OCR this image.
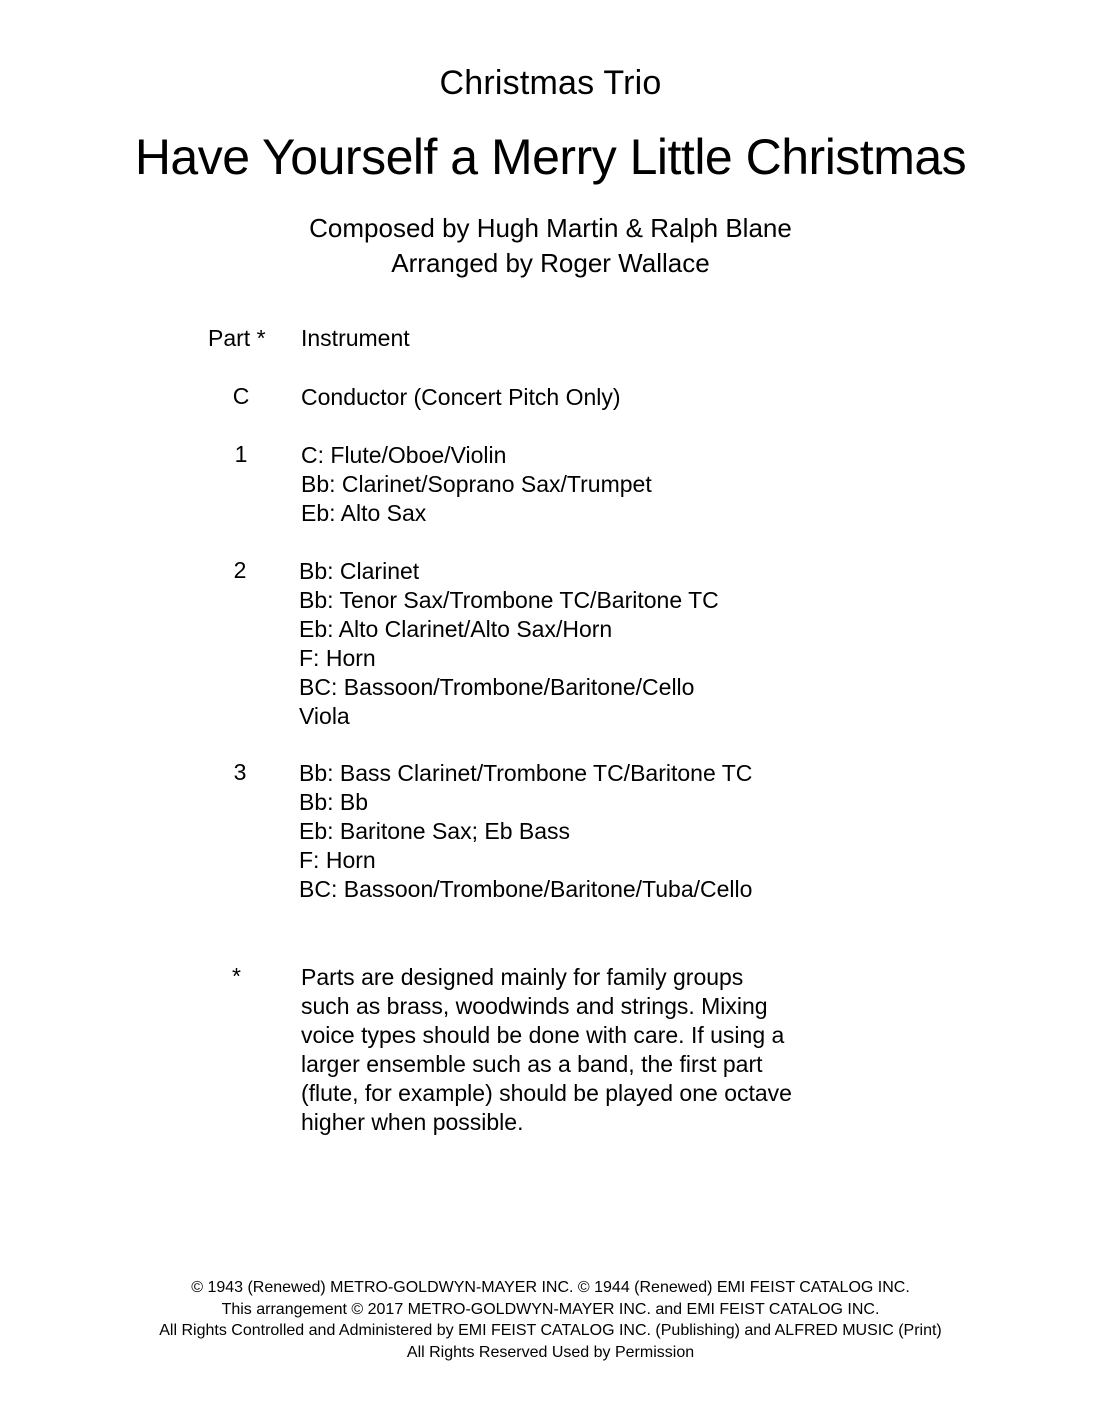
Christmas Trio
Have Yourself a Merry Little Christmas
Composed by Hugh Martin & Ralph Blane
Arranged by Roger Wallace
Part * Instrument
C	Conductor (Concert Pitch Only)
1	C: Flute/Oboe/Violin
Bb: Clarinet/Soprano Sax/Trumpet
Eb: Alto Sax
2	Bb: Clarinet
Bb: Tenor Sax/Trombone TC/Baritone TC
Eb: Alto Clarinet/Alto Sax/Horn
F: Horn
BC: Bassoon/Trombone/Baritone/Cello
Viola
3	Bb: Bass Clarinet/Trombone TC/Baritone TC
Bb: Bb
Eb: Baritone Sax; Eb Bass
F: Horn
BC: Bassoon/Trombone/Baritone/Tuba/Cello
*	Parts are designed mainly for family groups
such as brass, woodwinds and strings. Mixing
voice types should be done with care. If using a
larger ensemble such as a band, the first part
(flute, for example) should be played one octave
higher when possible.
© 1943 (Renewed) METRO-GOLDWYN-MAYER INC. © 1944 (Renewed) EMI FEIST CATALOG INC.
This arrangement © 2017 METRO-GOLDWYN-MAYER INC. and EMI FEIST CATALOG INC.
All Rights Controlled and Administered by EMI FEIST CATALOG INC. (Publishing) and ALFRED MUSIC (Print)
All Rights Reserved Used by Permission
